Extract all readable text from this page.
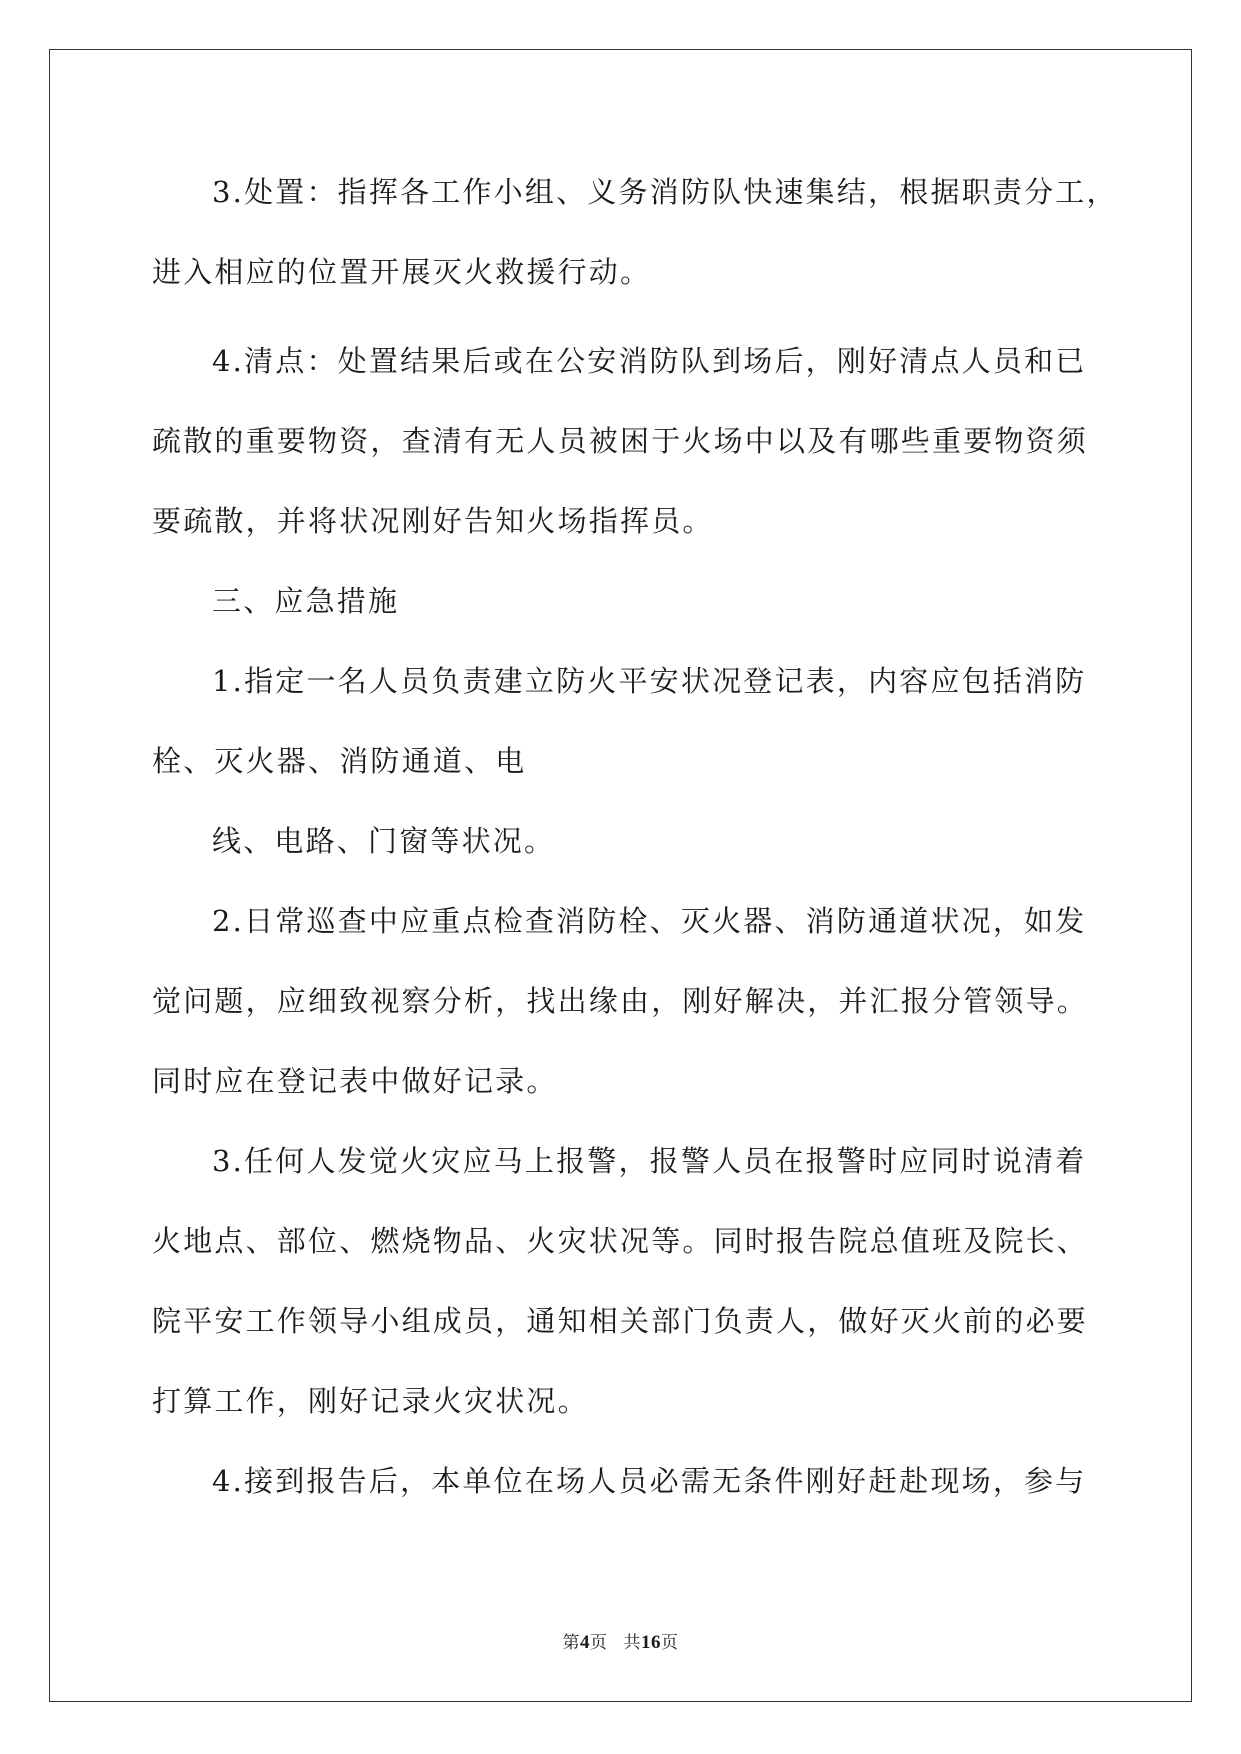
3.处置：指挥各工作小组、义务消防队快速集结，根据职责分工，
进入相应的位置开展灭火救援行动。
4.清点：处置结果后或在公安消防队到场后，刚好清点人员和已
疏散的重要物资，查清有无人员被困于火场中以及有哪些重要物资须
要疏散，并将状况刚好告知火场指挥员。
三、应急措施
1.指定一名人员负责建立防火平安状况登记表，内容应包括消防
栓、灭火器、消防通道、电
线、电路、门窗等状况。
2.日常巡查中应重点检查消防栓、灭火器、消防通道状况，如发
觉问题，应细致视察分析，找出缘由，刚好解决，并汇报分管领导。
同时应在登记表中做好记录。
3.任何人发觉火灾应马上报警，报警人员在报警时应同时说清着
火地点、部位、燃烧物品、火灾状况等。同时报告院总值班及院长、
院平安工作领导小组成员，通知相关部门负责人，做好灭火前的必要
打算工作，刚好记录火灾状况。
4.接到报告后，本单位在场人员必需无条件刚好赶赴现场，参与
第4页 共16页
